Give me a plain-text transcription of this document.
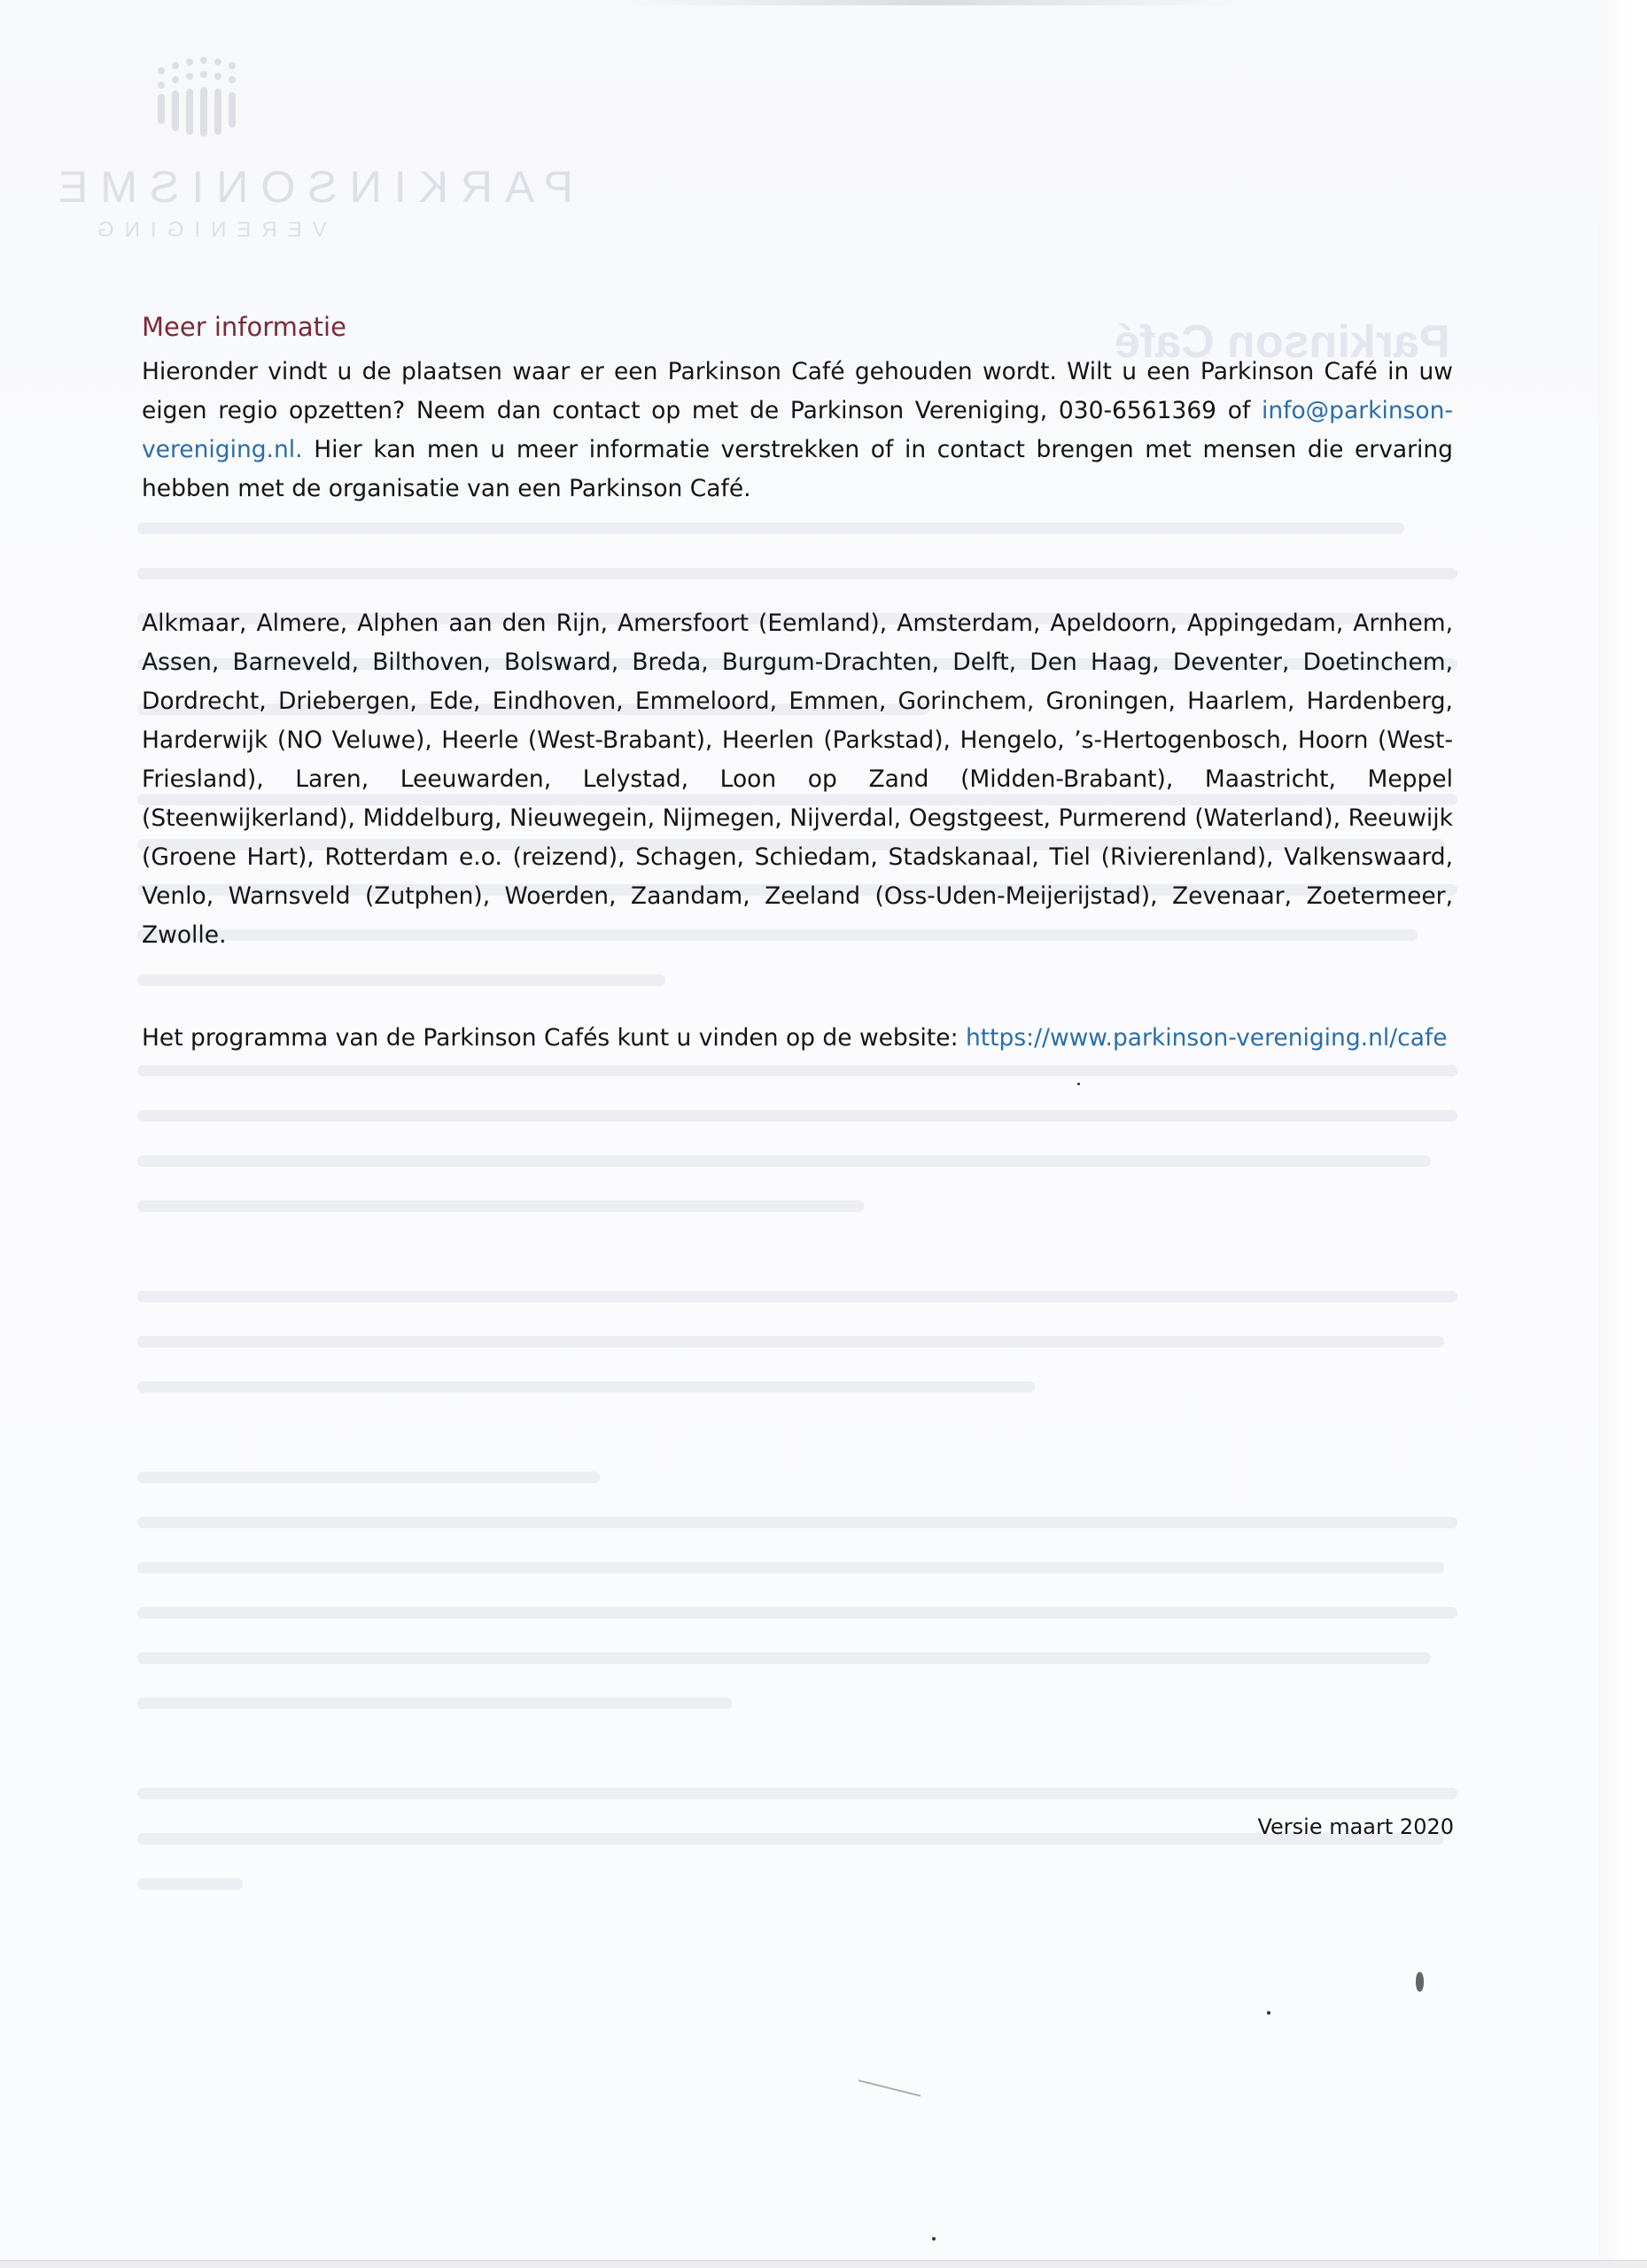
PARKINSONISME
VERENIGING
Parkinson Café
Meer informatie
Hieronder vindt u de plaatsen waar er een Parkinson Café gehouden wordt. Wilt u een Parkinson Café in uw eigen regio opzetten? Neem dan contact op met de Parkinson Vereniging, 030-6561369 of info@parkinson-vereniging.nl. Hier kan men u meer informatie verstrekken of in contact brengen met mensen die ervaring hebben met de organisatie van een Parkinson Café.
Alkmaar, Almere, Alphen aan den Rijn, Amersfoort (Eemland), Amsterdam, Apeldoorn, Appingedam, Arnhem, Assen, Barneveld, Bilthoven, Bolsward, Breda, Burgum-Drachten, Delft, Den Haag, Deventer, Doetinchem, Dordrecht, Driebergen, Ede, Eindhoven, Emmeloord, Emmen, Gorinchem, Groningen, Haarlem, Hardenberg, Harderwijk (NO Veluwe), Heerle (West-Brabant), Heerlen (Parkstad), Hengelo, ’s-Hertogenbosch, Hoorn (West-Friesland), Laren, Leeuwarden, Lelystad, Loon op Zand (Midden-Brabant), Maastricht, Meppel (Steenwijkerland), Middelburg, Nieuwegein, Nijmegen, Nijverdal, Oegstgeest, Purmerend (Waterland), Reeuwijk (Groene Hart), Rotterdam e.o. (reizend), Schagen, Schiedam, Stadskanaal, Tiel (Rivierenland), Valkenswaard, Venlo, Warnsveld (Zutphen), Woerden, Zaandam, Zeeland (Oss-Uden-Meijerijstad), Zevenaar, Zoetermeer, Zwolle.
Het programma van de Parkinson Cafés kunt u vinden op de website: https://www.parkinson-vereniging.nl/cafe
Versie maart 2020
